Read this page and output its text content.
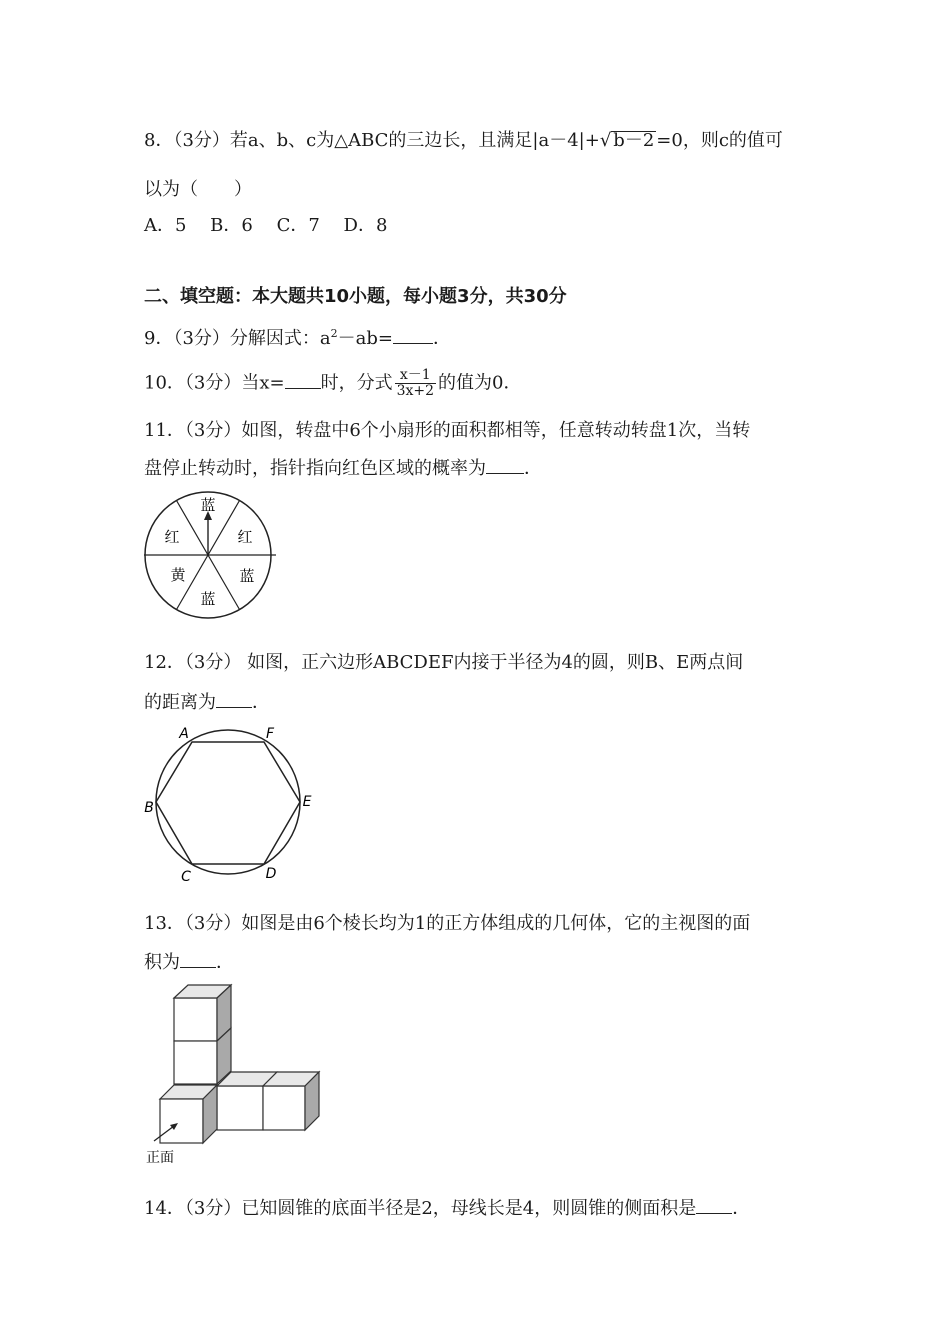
8．（3分）若a、b、c为△ABC的三边长，且满足|a－4|+√ b－2 =0，则c的值可
以为（　　）
A．5　 B．6　 C．7　 D．8
二、填空题：本大题共10小题，每小题3分，共30分
9．（3分）分解因式：$a^2-ab=$ ．
10．（3分）当x= 时，分式 $\frac{x-1}{3x+2}$ 的值为0．
11．（3分）如图，转盘中6个小扇形的面积都相等，任意转动转盘1次，当转
盘停止转动时，指针指向红色区域的概率为 ．
蓝
红
蓝
蓝
黄
红
12．（3分） 如图，正六边形ABCDEF内接于半径为4的圆，则B、E两点间
的距离为 ．
A	F
E
D
C
B
13．（3分）如图是由6个棱长均为1的正方体组成的几何体，它的主视图的面
积为 ．
正面
14．（3分）已知圆锥的底面半径是2，母线长是4，则圆锥的侧面积是 ．
